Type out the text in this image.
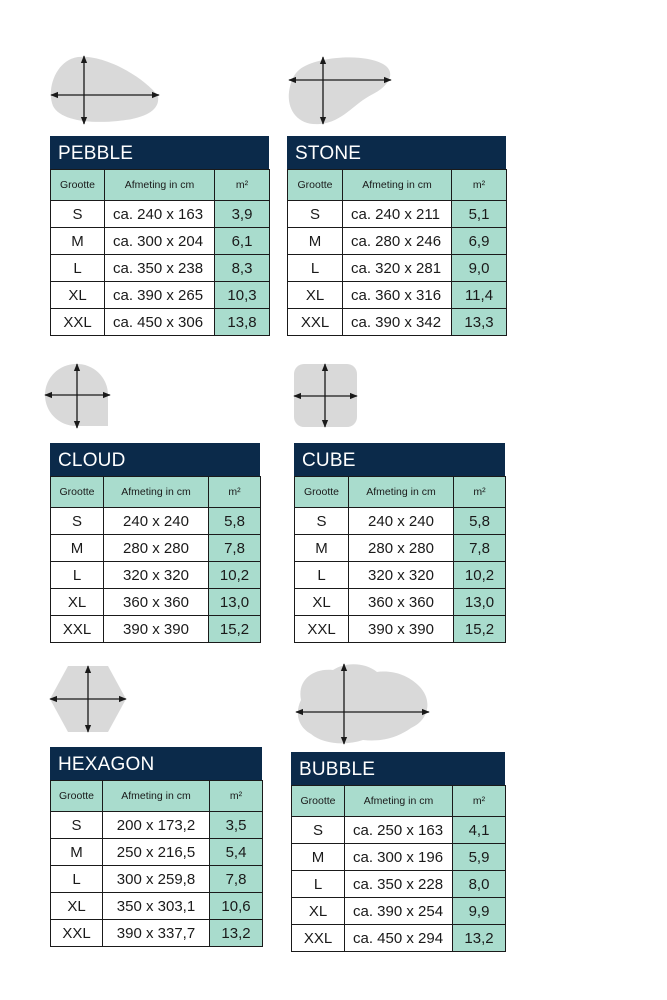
PEBBLE
Grootte	Afmeting in cm	m²
S	ca. 240 x 163	3,9
M	ca. 300 x 204	6,1
L	ca. 350 x 238	8,3
XL	ca. 390 x 265	10,3
XXL	ca. 450 x 306	13,8
STONE
Grootte	Afmeting in cm	m²
S	ca. 240 x 211	5,1
M	ca. 280 x 246	6,9
L	ca. 320 x 281	9,0
XL	ca. 360 x 316	11,4
XXL	ca. 390 x 342	13,3
CLOUD
Grootte	Afmeting in cm	m²
S	240 x 240	5,8
M	280 x 280	7,8
L	320 x 320	10,2
XL	360 x 360	13,0
XXL	390 x 390	15,2
CUBE
Grootte	Afmeting in cm	m²
S	240 x 240	5,8
M	280 x 280	7,8
L	320 x 320	10,2
XL	360 x 360	13,0
XXL	390 x 390	15,2
HEXAGON
Grootte	Afmeting in cm	m²
S	200 x 173,2	3,5
M	250 x 216,5	5,4
L	300 x 259,8	7,8
XL	350 x 303,1	10,6
XXL	390 x 337,7	13,2
BUBBLE
Grootte	Afmeting in cm	m²
S	ca. 250 x 163	4,1
M	ca. 300 x 196	5,9
L	ca. 350 x 228	8,0
XL	ca. 390 x 254	9,9
XXL	ca. 450 x 294	13,2
